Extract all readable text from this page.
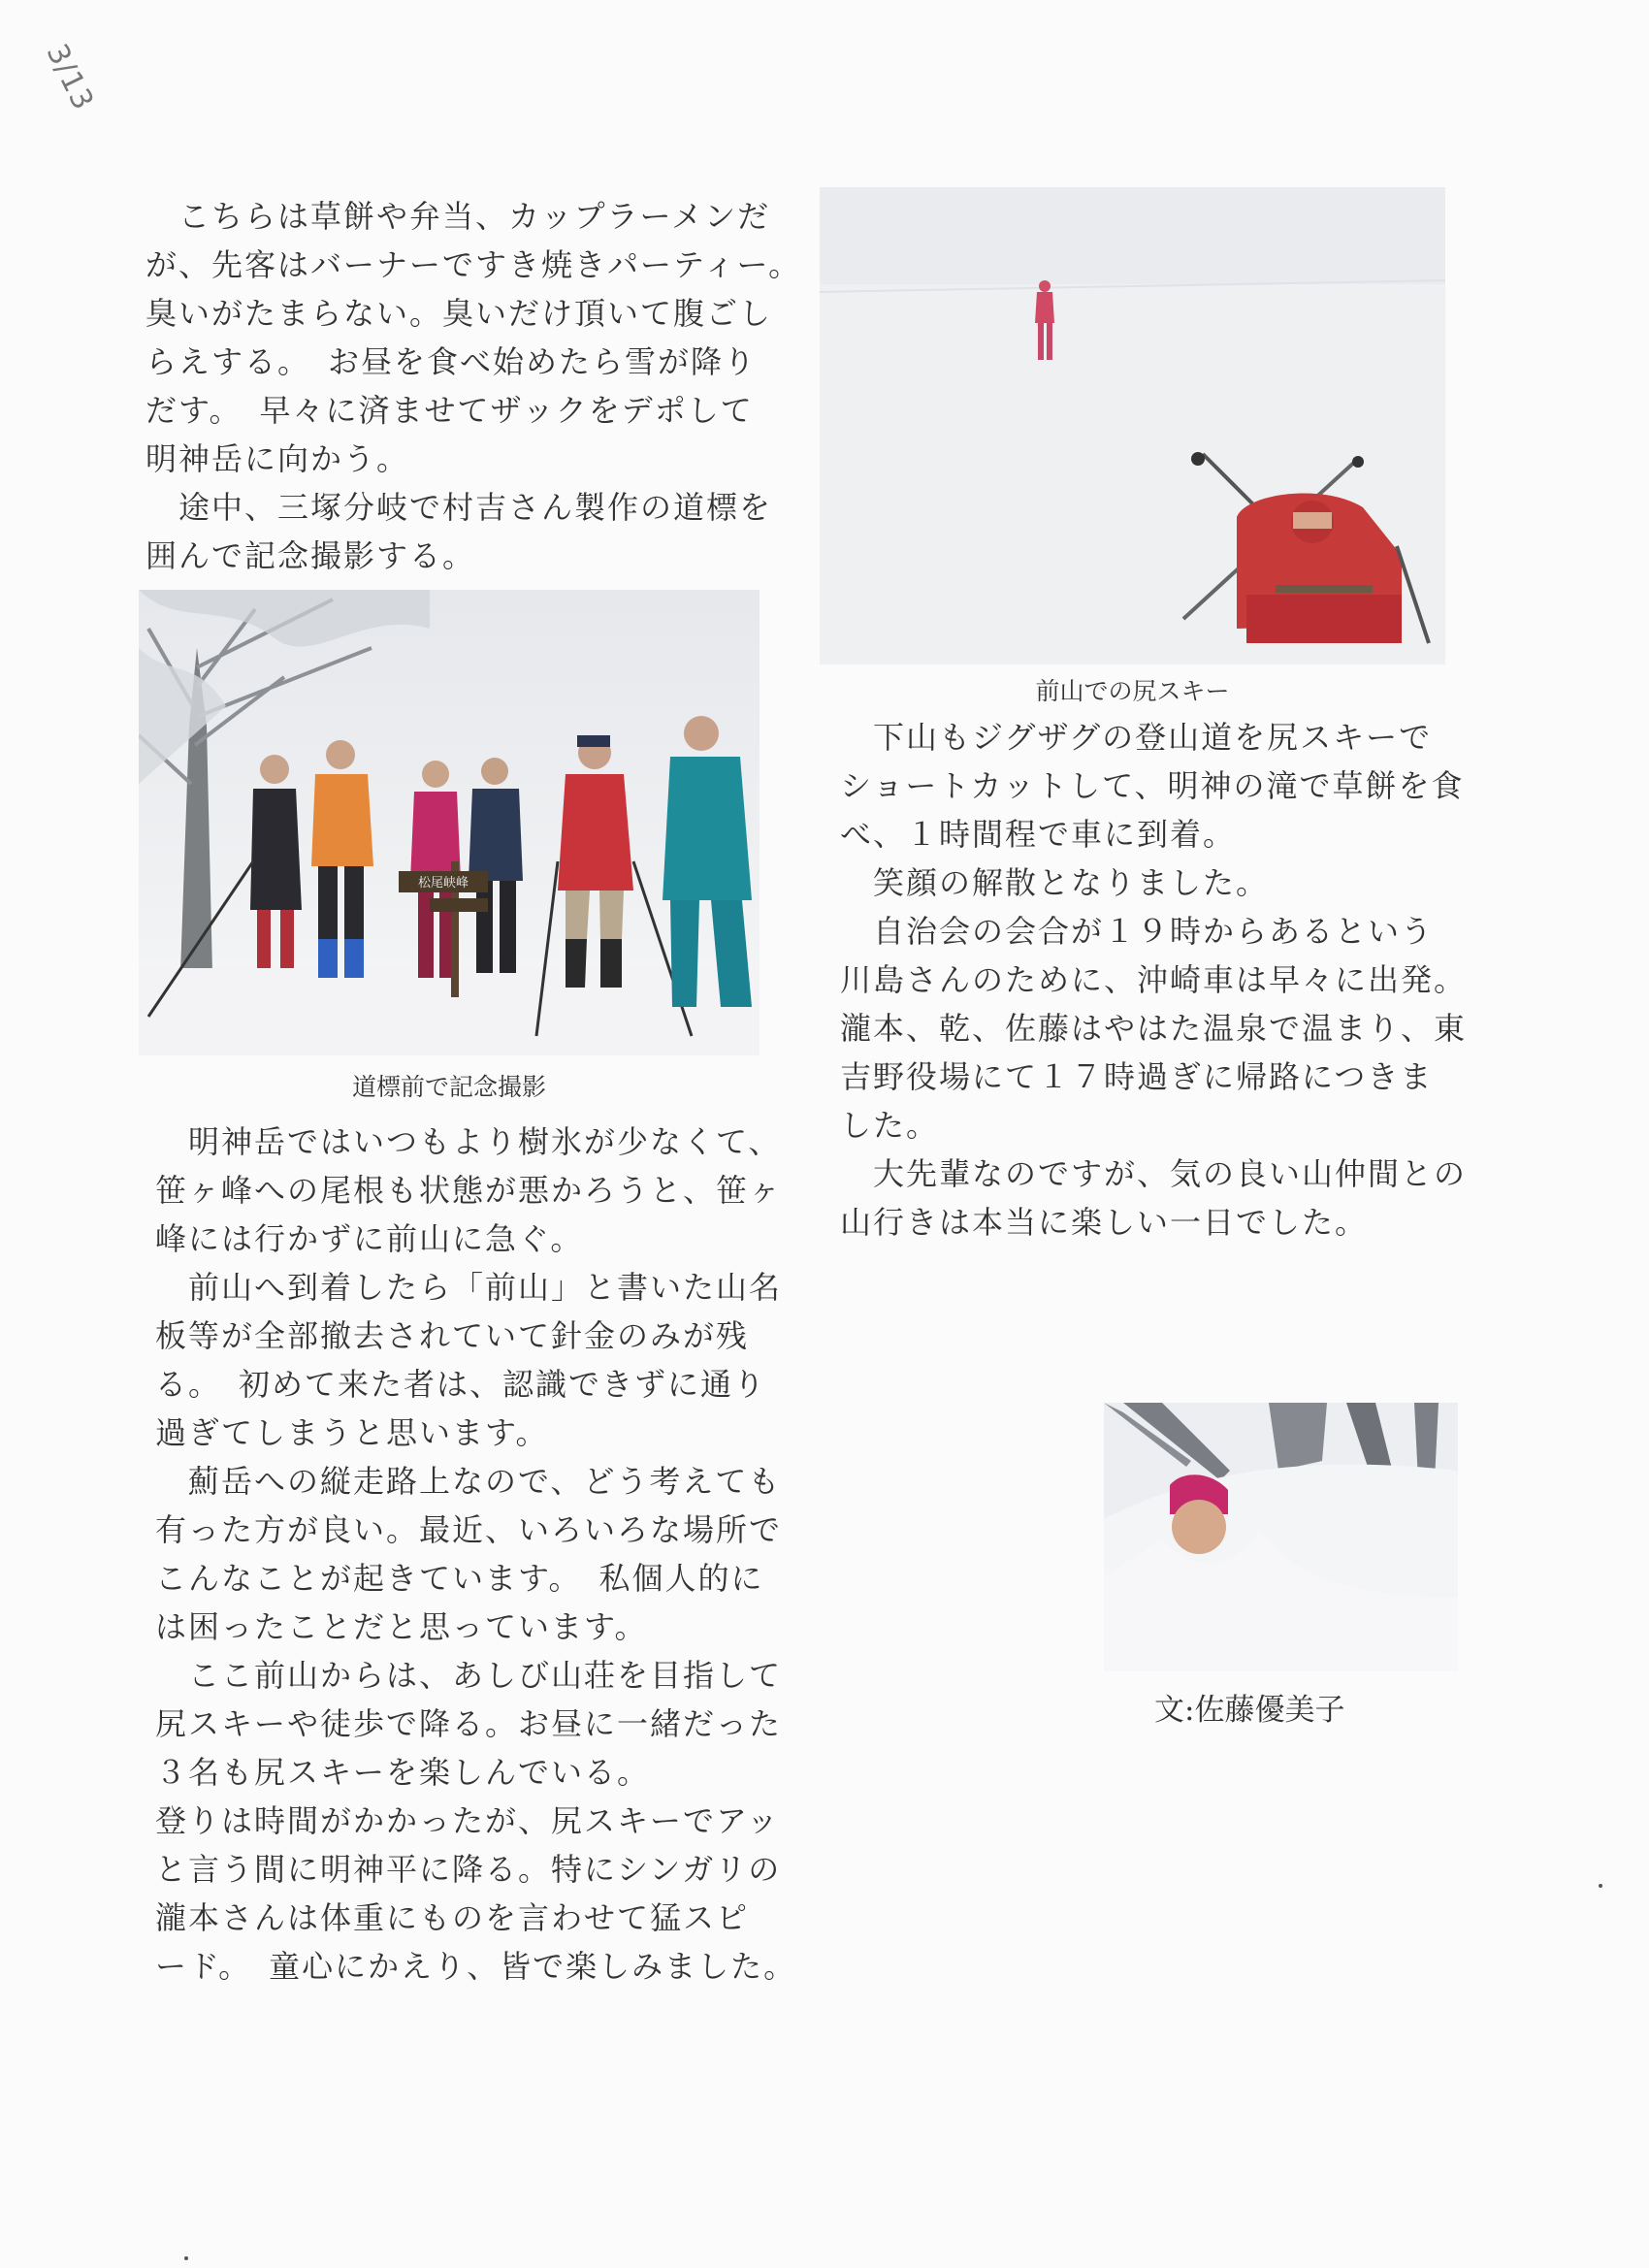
3/13

　こちらは草餅や弁当、カップラーメンだ

が、先客はバーナーですき焼きパーティー。

臭いがたまらない。臭いだけ頂いて腹ごし

らえする。　お昼を食べ始めたら雪が降り

だす。　早々に済ませてザックをデポして

明神岳に向かう。

　途中、三塚分岐で村吉さん製作の道標を

囲んで記念撮影する。

松尾峡峰
道標前で記念撮影

　明神岳ではいつもより樹氷が少なくて、

笹ヶ峰への尾根も状態が悪かろうと、笹ヶ

峰には行かずに前山に急ぐ。

　前山へ到着したら「前山」と書いた山名

板等が全部撤去されていて針金のみが残

る。　初めて来た者は、認識できずに通り

過ぎてしまうと思います。

　薊岳への縦走路上なので、どう考えても

有った方が良い。最近、いろいろな場所で

こんなことが起きています。　私個人的に

は困ったことだと思っています。

　ここ前山からは、あしび山荘を目指して

尻スキーや徒歩で降る。お昼に一緒だった

３名も尻スキーを楽しんでいる。

登りは時間がかかったが、尻スキーでアッ

と言う間に明神平に降る。特にシンガリの

瀧本さんは体重にものを言わせて猛スピ

ード。　童心にかえり、皆で楽しみました。

前山での尻スキー

　下山もジグザグの登山道を尻スキーで

ショートカットして、明神の滝で草餅を食

べ、１時間程で車に到着。

　笑顔の解散となりました。

　自治会の会合が１９時からあるという

川島さんのために、沖崎車は早々に出発。

瀧本、乾、佐藤はやはた温泉で温まり、東

吉野役場にて１７時過ぎに帰路につきま

した。

　大先輩なのですが、気の良い山仲間との

山行きは本当に楽しい一日でした。

文:佐藤優美子
